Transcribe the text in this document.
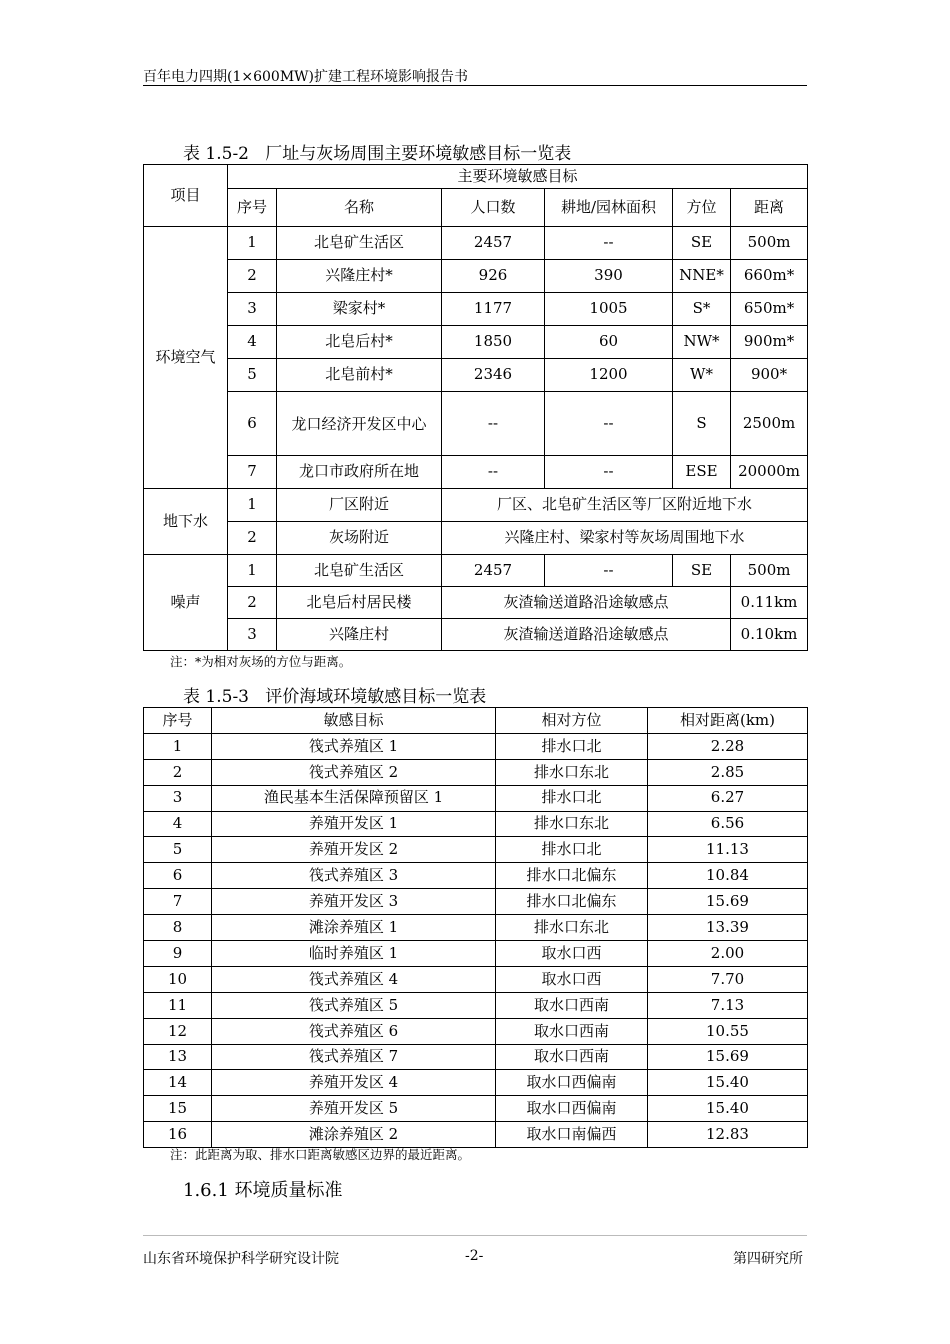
百年电力四期(1×600MW)扩建工程环境影响报告书
表 1.5-2   厂址与灰场周围主要环境敏感目标一览表
项目	主要环境敏感目标					
	序号	名称	人口数	耕地/园林面积	方位	距离
环境空气	1	北皂矿生活区	2457	--	SE	500m
	2	兴隆庄村*	926	390	NNE*	660m*
	3	梁家村*	1177	1005	S*	650m*
	4	北皂后村*	1850	60	NW*	900m*
	5	北皂前村*	2346	1200	W*	900*
	6	龙口经济开发区中心	--	--	S	2500m
	7	龙口市政府所在地	--	--	ESE	20000m
地下水	1	厂区附近	厂区、北皂矿生活区等厂区附近地下水			
	2	灰场附近	兴隆庄村、梁家村等灰场周围地下水			
噪声	1	北皂矿生活区	2457	--	SE	500m
	2	北皂后村居民楼	灰渣输送道路沿途敏感点			0.11km
	3	兴隆庄村	灰渣输送道路沿途敏感点			0.10km
注：*为相对灰场的方位与距离。
表 1.5-3   评价海域环境敏感目标一览表
序号	敏感目标	相对方位	相对距离(km)
1	筏式养殖区 1	排水口北	2.28
2	筏式养殖区 2	排水口东北	2.85
3	渔民基本生活保障预留区 1	排水口北	6.27
4	养殖开发区 1	排水口东北	6.56
5	养殖开发区 2	排水口北	11.13
6	筏式养殖区 3	排水口北偏东	10.84
7	养殖开发区 3	排水口北偏东	15.69
8	滩涂养殖区 1	排水口东北	13.39
9	临时养殖区 1	取水口西	2.00
10	筏式养殖区 4	取水口西	7.70
11	筏式养殖区 5	取水口西南	7.13
12	筏式养殖区 6	取水口西南	10.55
13	筏式养殖区 7	取水口西南	15.69
14	养殖开发区 4	取水口西偏南	15.40
15	养殖开发区 5	取水口西偏南	15.40
16	滩涂养殖区 2	取水口南偏西	12.83
注：此距离为取、排水口距离敏感区边界的最近距离。
1.6.1 环境质量标准
山东省环境保护科学研究设计院	-2-	第四研究所
